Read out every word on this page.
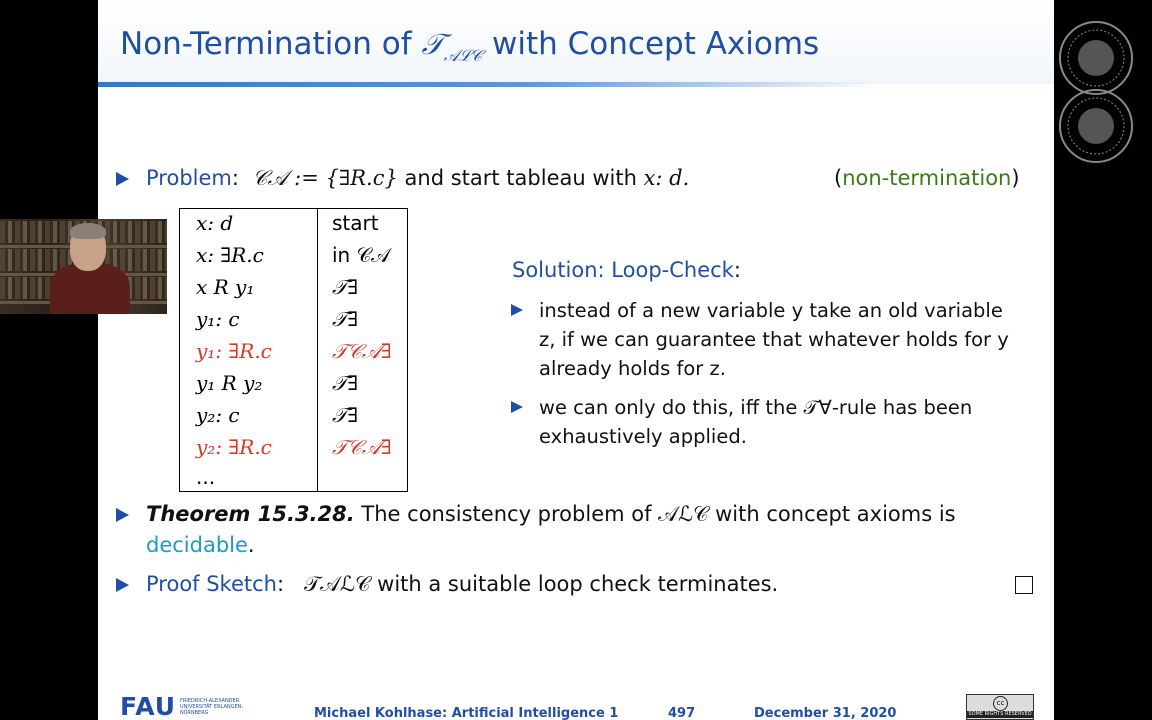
Non-Termination of 𝒯$_{𝒜ℒ𝒞}$ with Concept Axioms
Problem: 𝒞𝒜 := {∃R.c} and start tableau with x: d.	(non-termination)
x: d	start
x: ∃R.c	in 𝒞𝒜
x R y₁	𝒯∃
y₁: c	𝒯∃
y₁: ∃R.c	𝒯𝒞𝒜∃
y₁ R y₂	𝒯∃
y₂: c	𝒯∃
y₂: ∃R.c	𝒯𝒞𝒜∃
...
Solution: Loop-Check:
instead of a new variable y take an old variable z, if we can guarantee that whatever holds for y already holds for z.
we can only do this, iff the 𝒯∀-rule has been exhaustively applied.
Theorem 15.3.28. The consistency problem of 𝒜ℒ𝒞 with concept axioms is
decidable.
Proof Sketch: 𝒯𝒜ℒ𝒞 with a suitable loop check terminates.
FAU FRIEDRICH-ALEXANDER UNIVERSITÄT ERLANGEN-NÜRNBERG	Michael Kohlhase: Artificial Intelligence 1	497	December 31, 2020
cc
SOME RIGHTS RESERVED
